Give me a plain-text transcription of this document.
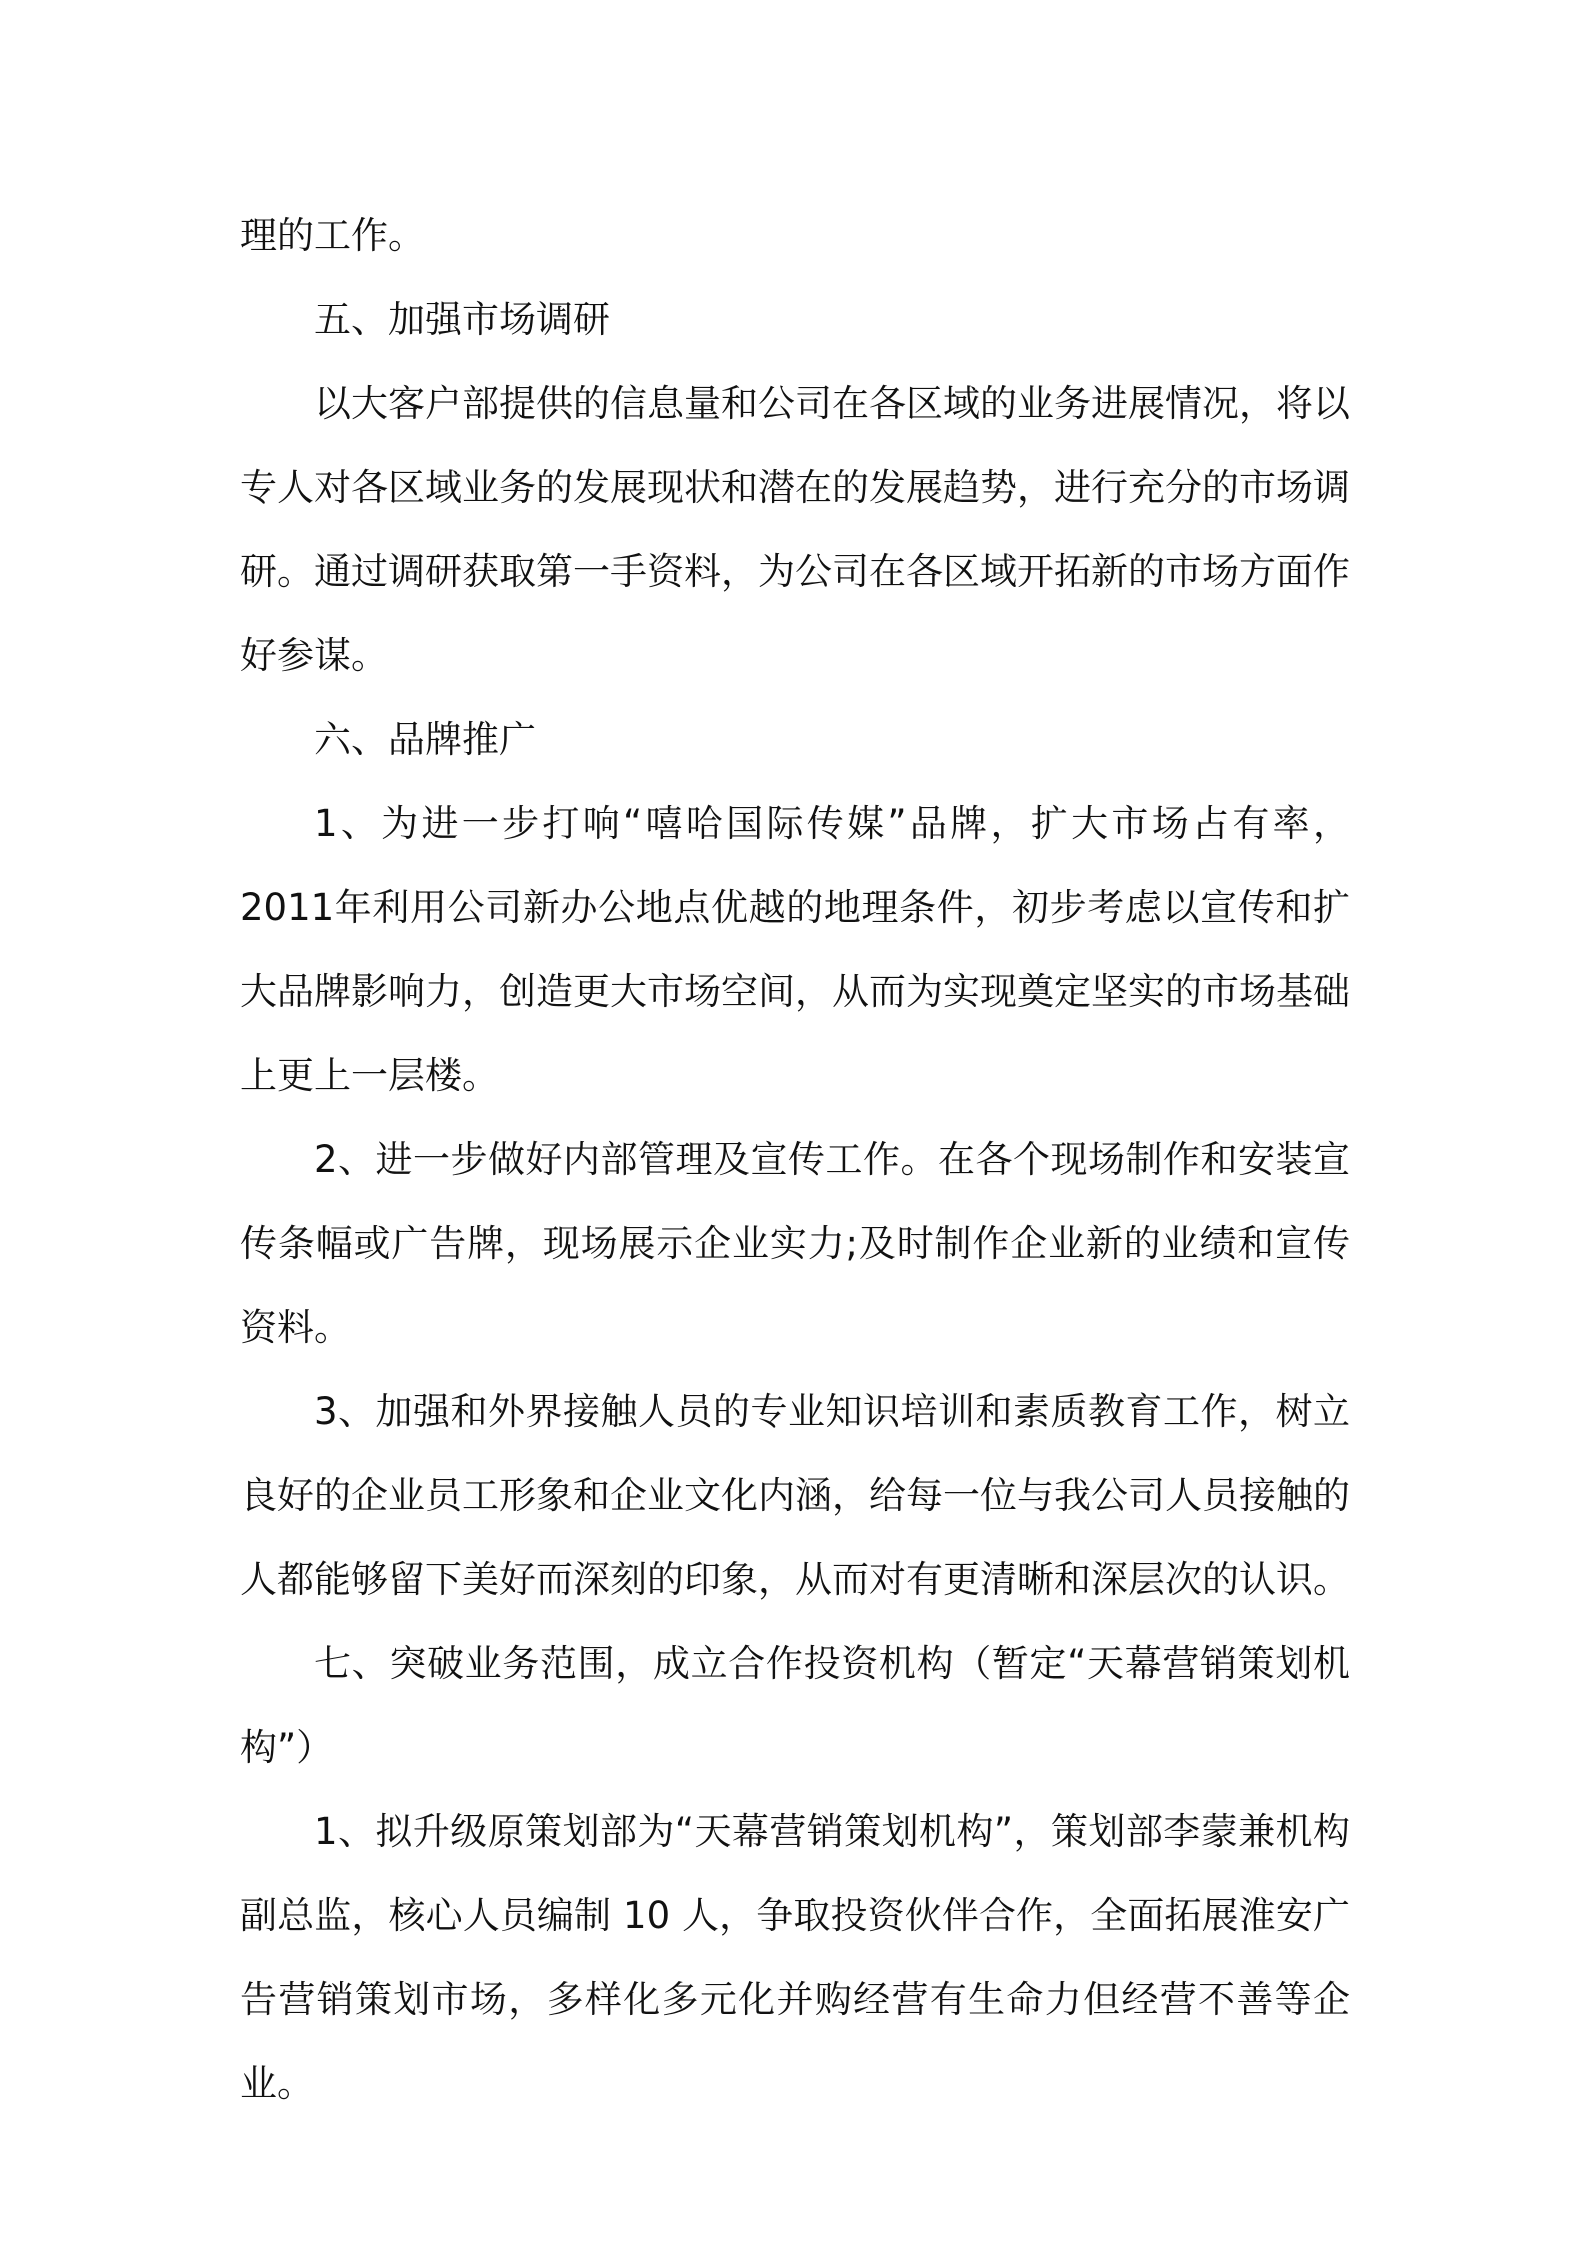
理的工作。

五、加强市场调研

以大客户部提供的信息量和公司在各区域的业务进展情况，将以专人对各区域业务的发展现状和潜在的发展趋势，进行充分的市场调研。通过调研获取第一手资料，为公司在各区域开拓新的市场方面作好参谋。

六、品牌推广

1、为进一步打响“嘻哈国际传媒”品牌，扩大市场占有率，2011年利用公司新办公地点优越的地理条件，初步考虑以宣传和扩大品牌影响力，创造更大市场空间，从而为实现奠定坚实的市场基础上更上一层楼。

2、进一步做好内部管理及宣传工作。在各个现场制作和安装宣传条幅或广告牌，现场展示企业实力;及时制作企业新的业绩和宣传资料。

3、加强和外界接触人员的专业知识培训和素质教育工作，树立良好的企业员工形象和企业文化内涵，给每一位与我公司人员接触的人都能够留下美好而深刻的印象，从而对有更清晰和深层次的认识。

七、突破业务范围，成立合作投资机构（暂定“天幕营销策划机构”）

1、拟升级原策划部为“天幕营销策划机构”，策划部李蒙兼机构副总监，核心人员编制 10 人，争取投资伙伴合作，全面拓展淮安广告营销策划市场，多样化多元化并购经营有生命力但经营不善等企业。
